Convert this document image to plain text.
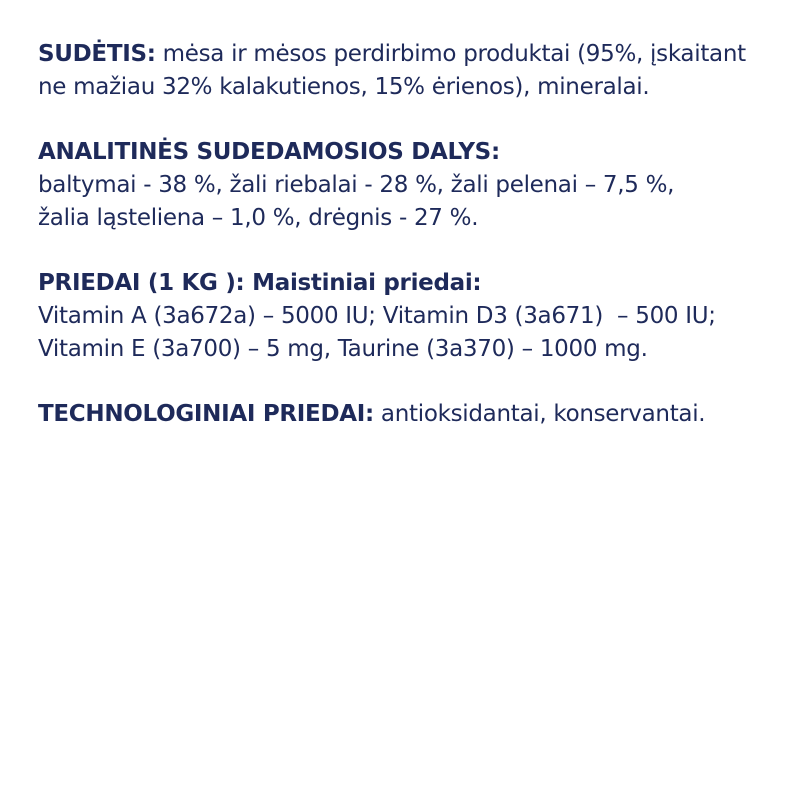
SUDĖTIS: mėsa ir mėsos perdirbimo produktai (95%, įskaitant
ne mažiau 32% kalakutienos, 15% ėrienos), mineralai.

ANALITINĖS SUDEDAMOSIOS DALYS:
baltymai - 38 %, žali riebalai - 28 %, žali pelenai – 7,5 %,
žalia ląsteliena – 1,0 %, drėgnis - 27 %.

PRIEDAI (1 KG ): Maistiniai priedai:
Vitamin A (3a672a) – 5000 IU; Vitamin D3 (3a671)  – 500 IU;
Vitamin E (3a700) – 5 mg, Taurine (3a370) – 1000 mg.

TECHNOLOGINIAI PRIEDAI: antioksidantai, konservantai.
